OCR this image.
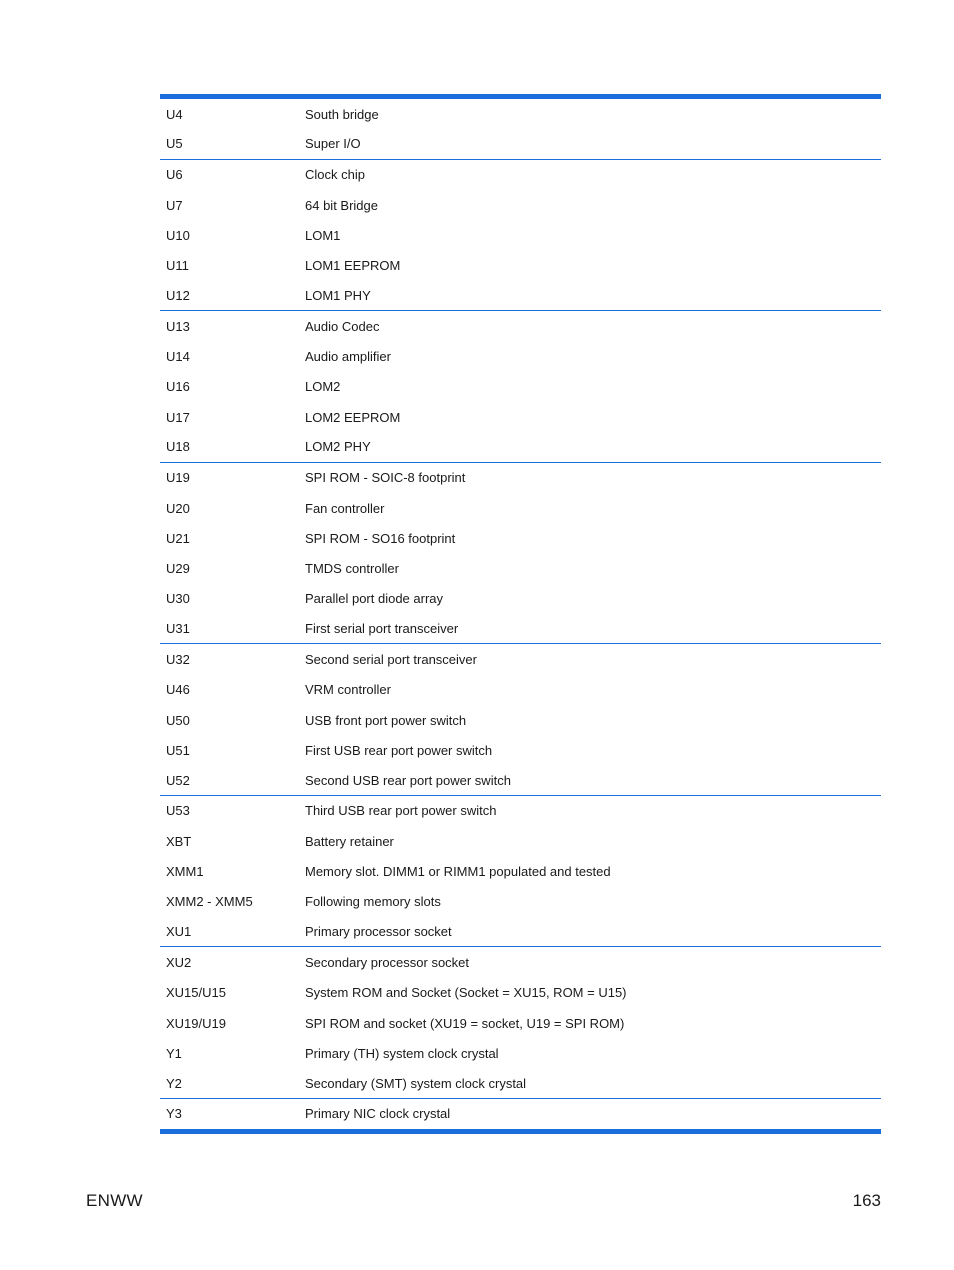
U4	South bridge
U5	Super I/O
U6	Clock chip
U7	64 bit Bridge
U10	LOM1
U11	LOM1 EEPROM
U12	LOM1 PHY
U13	Audio Codec
U14	Audio amplifier
U16	LOM2
U17	LOM2 EEPROM
U18	LOM2 PHY
U19	SPI ROM - SOIC-8 footprint
U20	Fan controller
U21	SPI ROM - SO16 footprint
U29	TMDS controller
U30	Parallel port diode array
U31	First serial port transceiver
U32	Second serial port transceiver
U46	VRM controller
U50	USB front port power switch
U51	First USB rear port power switch
U52	Second USB rear port power switch
U53	Third USB rear port power switch
XBT	Battery retainer
XMM1	Memory slot. DIMM1 or RIMM1 populated and tested
XMM2 - XMM5	Following memory slots
XU1	Primary processor socket
XU2	Secondary processor socket
XU15/U15	System ROM and Socket (Socket = XU15, ROM = U15)
XU19/U19	SPI ROM and socket (XU19 = socket, U19 = SPI ROM)
Y1	Primary (TH) system clock crystal
Y2	Secondary (SMT) system clock crystal
Y3	Primary NIC clock crystal
ENWW	163
